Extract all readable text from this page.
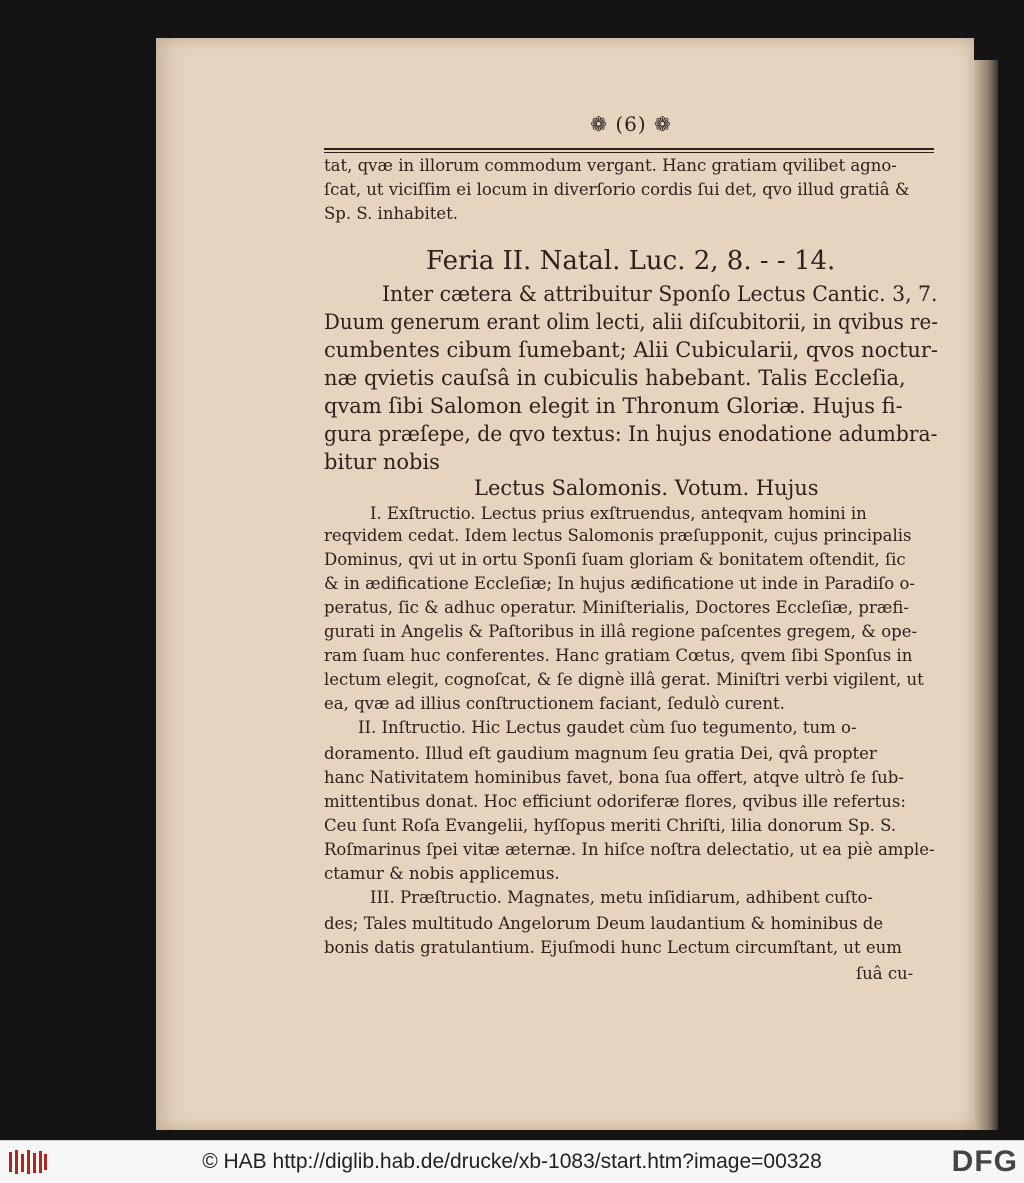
❁ (6) ❁
tat, qvæ in illorum commodum vergant. Hanc gratiam qvilibet agno-
ſcat, ut viciſſim ei locum in diverſorio cordis ſui det, qvo illud gratiâ &
Sp. S. inhabitet.
Feria II. Natal. Luc. 2, 8. - - 14.
Inter cætera & attribuitur Sponſo Lectus Cantic. 3, 7.
Duum generum erant olim lecti, alii diſcubitorii, in qvibus re-
cumbentes cibum ſumebant; Alii Cubicularii, qvos noctur-
næ qvietis cauſsâ in cubiculis habebant. Talis Eccleſia,
qvam ſibi Salomon elegit in Thronum Gloriæ. Hujus fi-
gura præſepe, de qvo textus: In hujus enodatione adumbra-
bitur nobis
Lectus Salomonis. Votum. Hujus
I. Exſtructio. Lectus prius exſtruendus, anteqvam homini in
reqvidem cedat. Idem lectus Salomonis præſupponit, cujus principalis
Dominus, qvi ut in ortu Sponſi ſuam gloriam & bonitatem oſtendit, ſic
& in ædificatione Eccleſiæ; In hujus ædificatione ut inde in Paradiſo o-
peratus, ſic & adhuc operatur. Miniſterialis, Doctores Eccleſiæ, præfi-
gurati in Angelis & Paſtoribus in illâ regione paſcentes gregem, & ope-
ram ſuam huc conferentes. Hanc gratiam Cœtus, qvem ſibi Sponſus in
lectum elegit, cognoſcat, & ſe dignè illâ gerat. Miniſtri verbi vigilent, ut
ea, qvæ ad illius conſtructionem faciant, ſedulò curent.
II. Inſtructio. Hic Lectus gaudet cùm ſuo tegumento, tum o-
doramento. Illud eſt gaudium magnum ſeu gratia Dei, qvâ propter
hanc Nativitatem hominibus favet, bona ſua offert, atqve ultrò ſe ſub-
mittentibus donat. Hoc efficiunt odoriferæ flores, qvibus ille refertus:
Ceu ſunt Roſa Evangelii, hyſſopus meriti Chriſti, lilia donorum Sp. S.
Roſmarinus ſpei vitæ æternæ. In hiſce noſtra delectatio, ut ea piè ample-
ctamur & nobis applicemus.
III. Præſtructio. Magnates, metu inſidiarum, adhibent cuſto-
des; Tales multitudo Angelorum Deum laudantium & hominibus de
bonis datis gratulantium. Ejuſmodi hunc Lectum circumſtant, ut eum
ſuâ cu-
© HAB http://diglib.hab.de/drucke/xb-1083/start.htm?image=00328	DFG
